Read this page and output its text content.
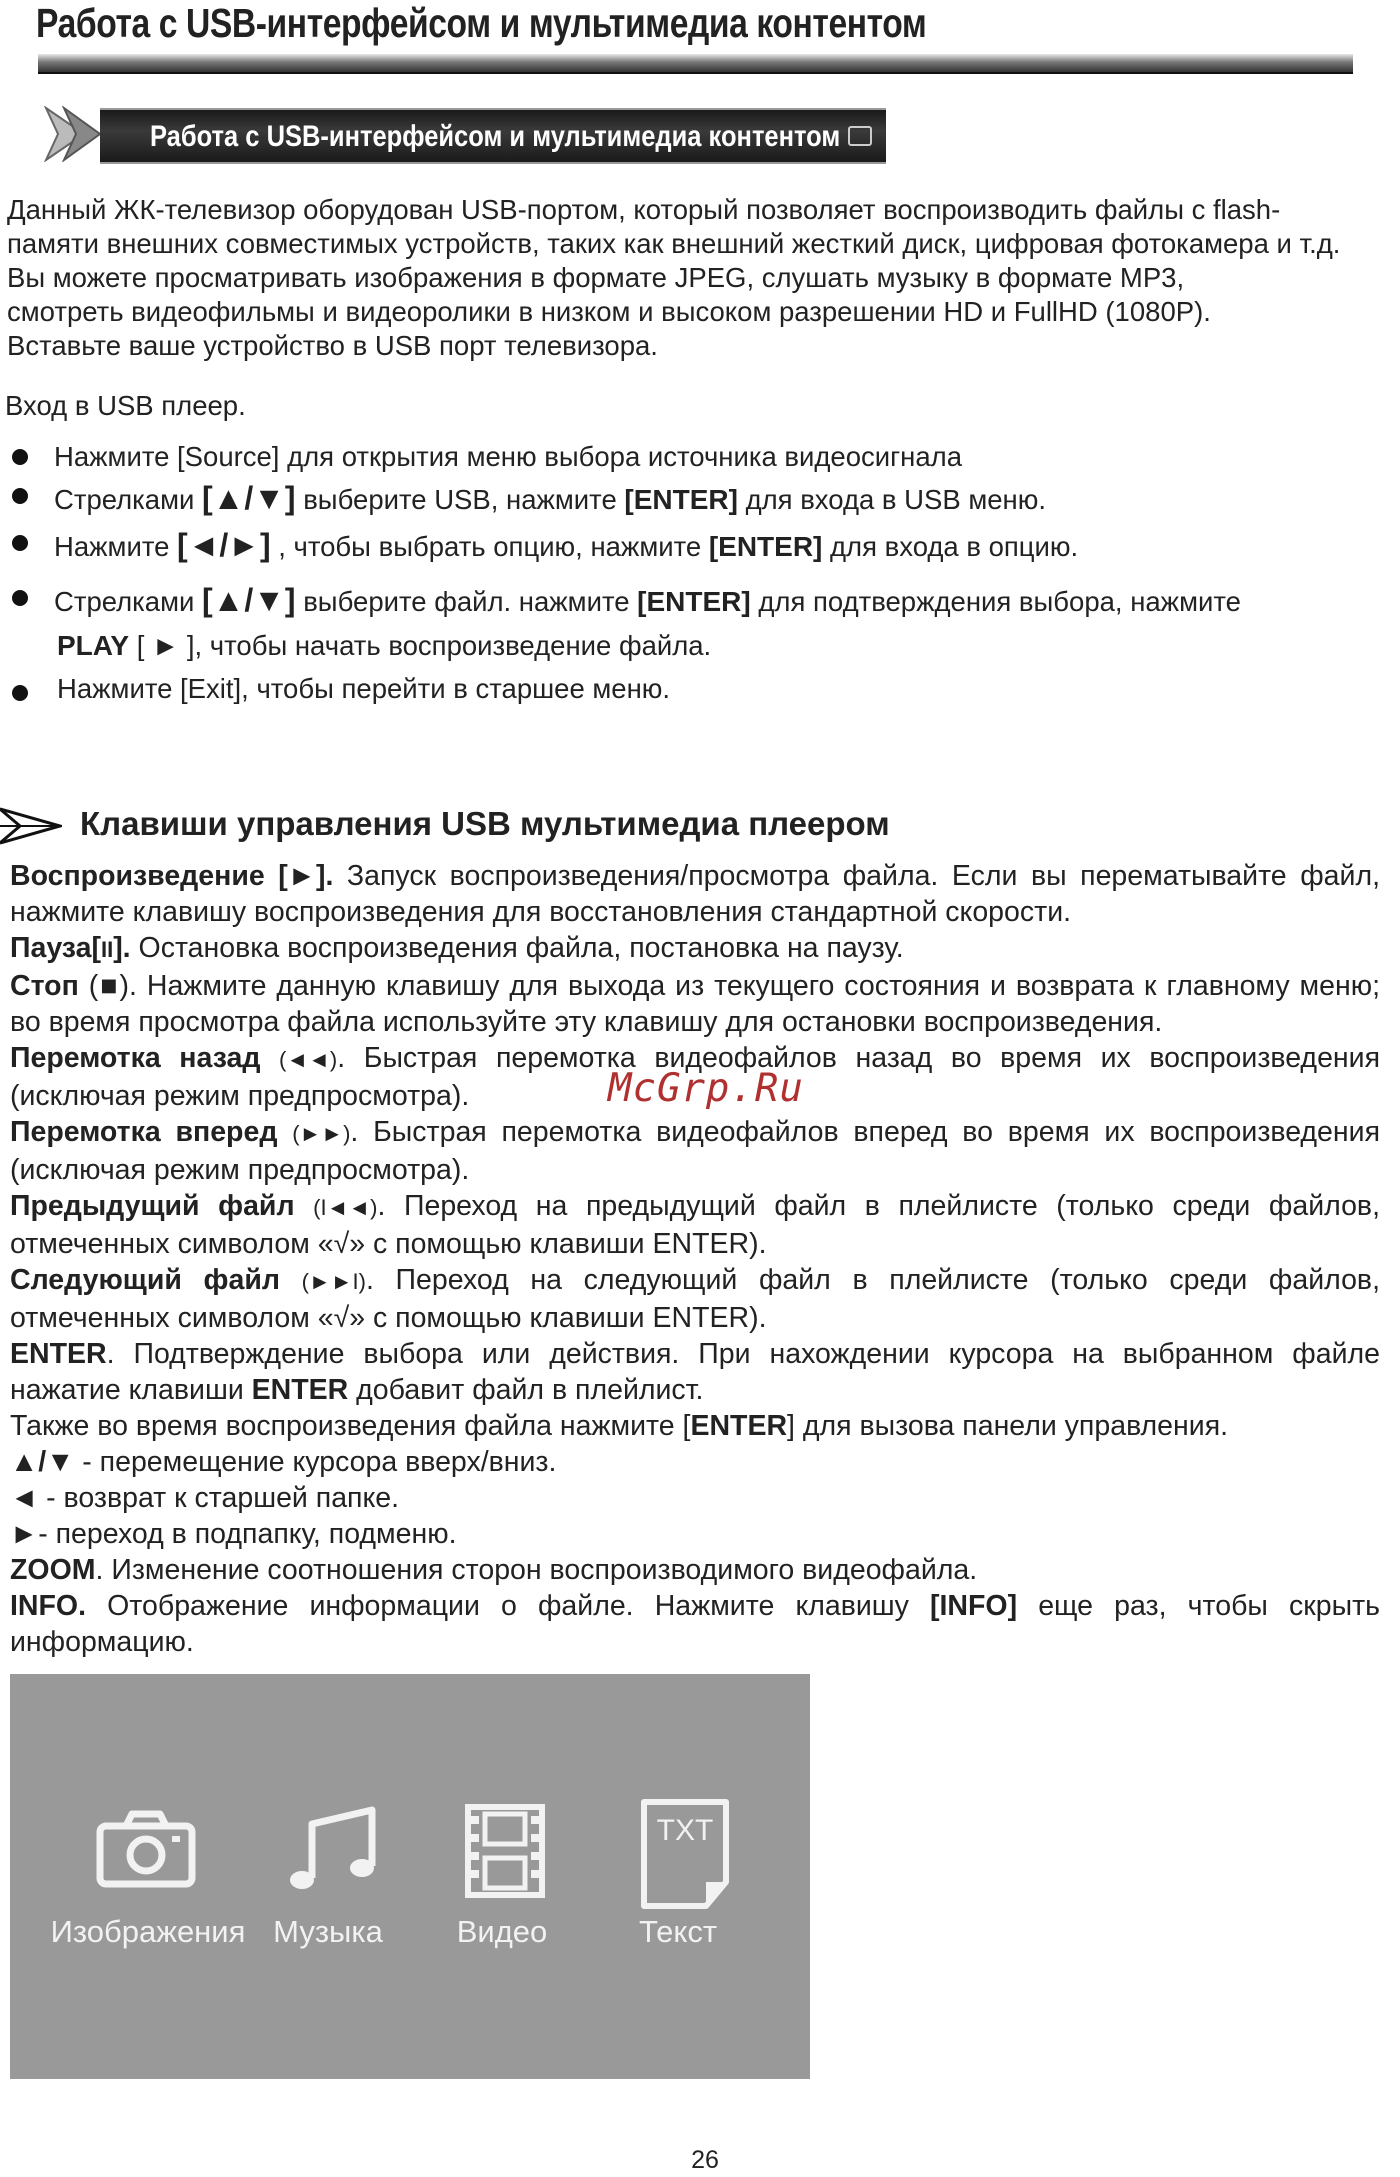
Работа с USB-интерфейсом и мультимедиа контентом
Работа с USB-интерфейсом и мультимедиа контентом

Данный ЖК-телевизор оборудован USB-портом, который позволяет воспроизводить файлы с flash-

памяти внешних совместимых устройств, таких как внешний жесткий диск, цифровая фотокамера и т.д.

Вы можете просматривать изображения в формате JPEG, слушать музыку в формате MP3,

смотреть видеофильмы и видеоролики в низком и высоком разрешении HD и FullHD (1080P).

Вставьте ваше устройство в USB порт телевизора.

Вход в USB плеер.
Нажмите [Source] для открытия меню выбора источника видеосигнала
Стрелками [▲/▼] выберите USB, нажмите [ENTER] для входа в USB меню.
Нажмите [◄/►] , чтобы выбрать опцию, нажмите [ENTER] для входа в опцию.
Стрелками [▲/▼] выберите файл. нажмите [ENTER] для подтверждения выбора, нажмите
PLAY [ ► ], чтобы начать воспроизведение файла.
Нажмите [Exit], чтобы перейти в старшее меню.
Клавиши управления USB мультимедиа плеером

Воспроизведение [►]. Запуск воспроизведения/просмотра файла. Если вы перематывайте файл, нажмите клавишу воспроизведения для восстановления стандартной скорости.

Пауза[II]. Остановка воспроизведения файла, постановка на паузу.

Стоп (■). Нажмите данную клавишу для выхода из текущего состояния и возврата к главному меню; во время просмотра файла используйте эту клавишу для остановки воспроизведения.

Перемотка назад (◄◄). Быстрая перемотка видеофайлов назад во время их воспроизведения (исключая режим предпросмотра).

Перемотка вперед (►►). Быстрая перемотка видеофайлов вперед во время их воспроизведения (исключая режим предпросмотра).

Предыдущий файл (I◄◄). Переход на предыдущий файл в плейлисте (только среди файлов, отмеченных символом «√» с помощью клавиши ENTER).

Следующий файл (►►I). Переход на следующий файл в плейлисте (только среди файлов, отмеченных символом «√» с помощью клавиши ENTER).

ENTER. Подтверждение выбора или действия. При нахождении курсора на выбранном файле нажатие клавиши ENTER добавит файл в плейлист.

Также во время воспроизведения файла нажмите [ENTER] для вызова панели управления.

▲/▼ - перемещение курсора вверх/вниз.

◄ - возврат к старшей папке.

►- переход в подпапку, подменю.

ZOOM. Изменение соотношения сторон воспроизводимого видеофайла.

INFO. Отображение информации о файле. Нажмите клавишу [INFO] еще раз, чтобы скрыть информацию.

McGrp.Ru
Изображения Музыка	Видео
TXT
Текст
26
